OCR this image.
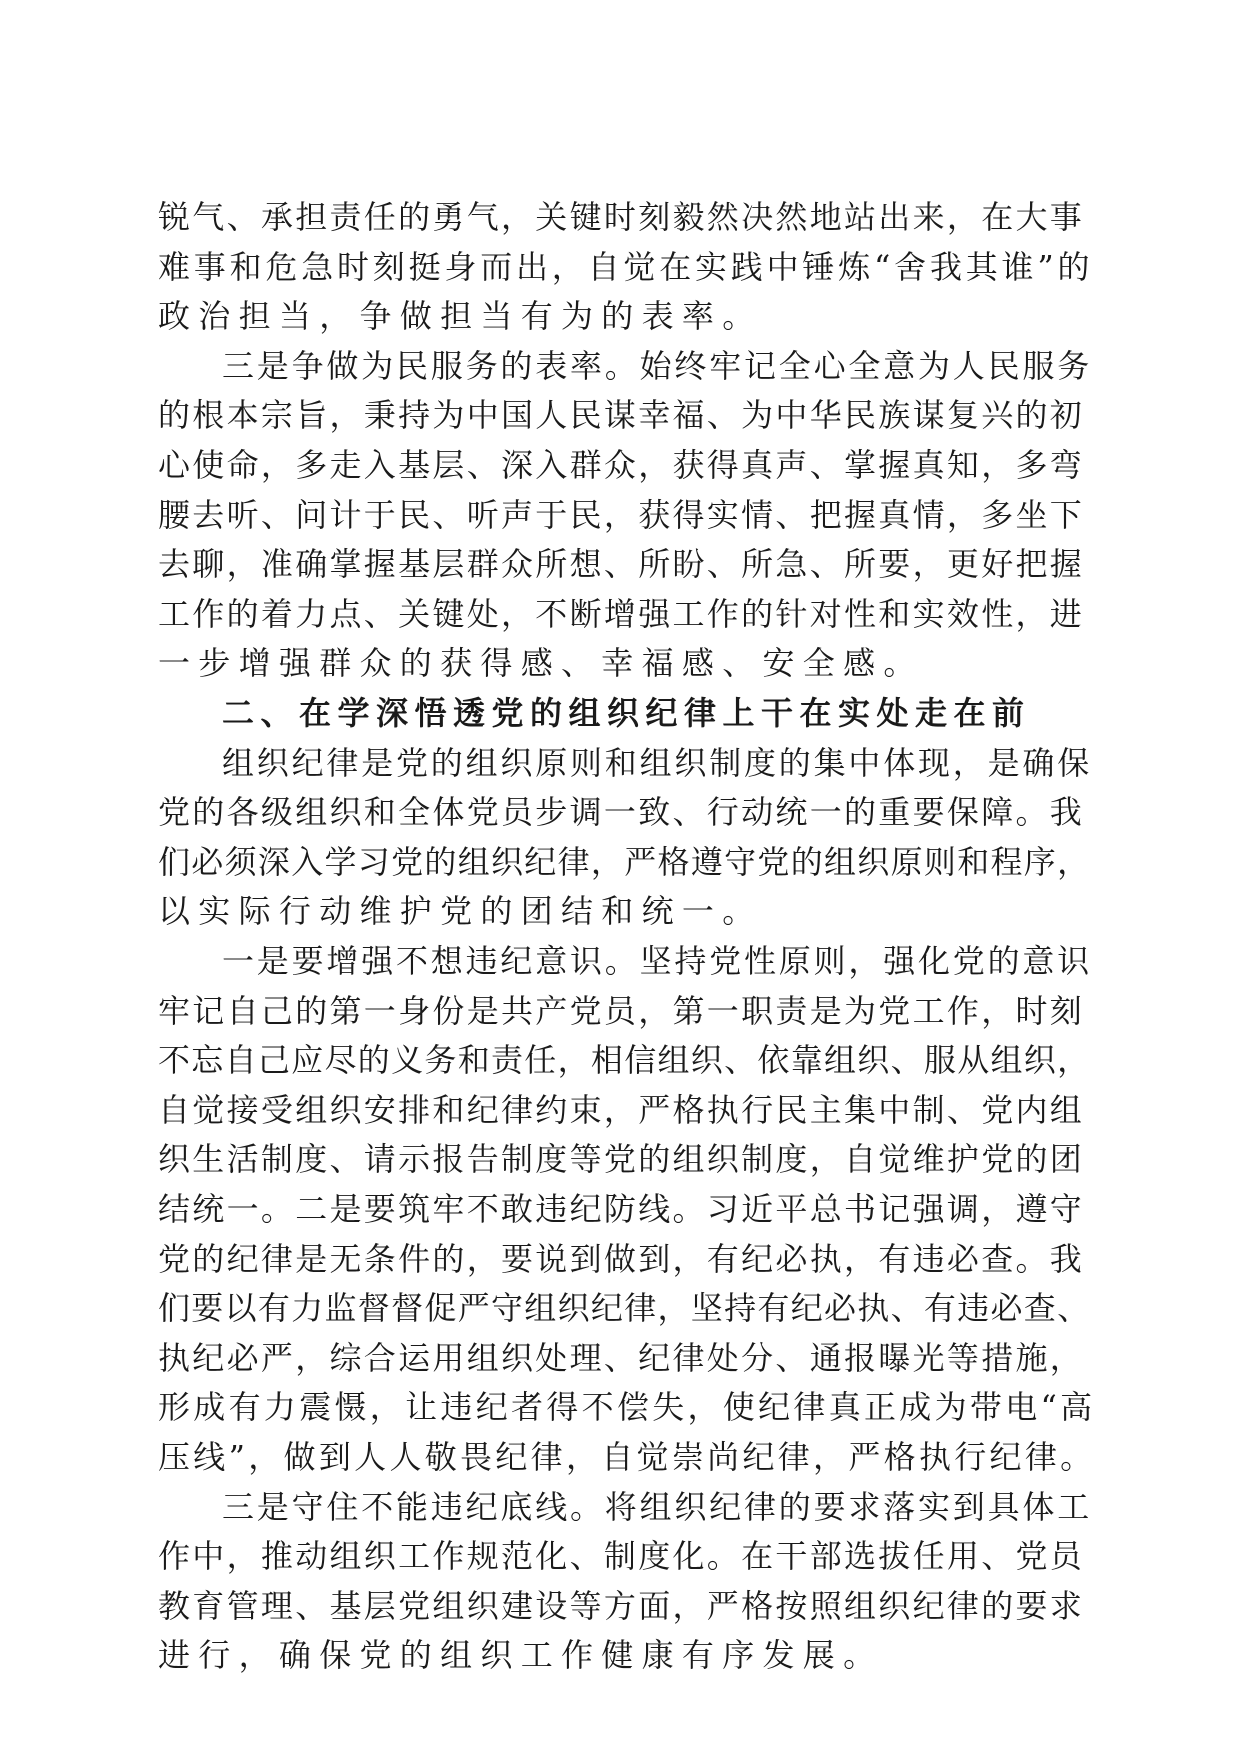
锐气、承担责任的勇气，关键时刻毅然决然地站出来，在大事
难事和危急时刻挺身而出，自觉在实践中锤炼“舍我其谁”的
政治担当，争做担当有为的表率。
三是争做为民服务的表率。始终牢记全心全意为人民服务
的根本宗旨，秉持为中国人民谋幸福、为中华民族谋复兴的初
心使命，多走入基层、深入群众，获得真声、掌握真知，多弯
腰去听、问计于民、听声于民，获得实情、把握真情，多坐下
去聊，准确掌握基层群众所想、所盼、所急、所要，更好把握
工作的着力点、关键处，不断增强工作的针对性和实效性，进
一步增强群众的获得感、幸福感、安全感。
二、在学深悟透党的组织纪律上干在实处走在前
组织纪律是党的组织原则和组织制度的集中体现，是确保
党的各级组织和全体党员步调一致、行动统一的重要保障。我
们必须深入学习党的组织纪律，严格遵守党的组织原则和程序，
以实际行动维护党的团结和统一。
一是要增强不想违纪意识。坚持党性原则，强化党的意识
牢记自己的第一身份是共产党员，第一职责是为党工作，时刻
不忘自己应尽的义务和责任，相信组织、依靠组织、服从组织，
自觉接受组织安排和纪律约束，严格执行民主集中制、党内组
织生活制度、请示报告制度等党的组织制度，自觉维护党的团
结统一。二是要筑牢不敢违纪防线。习近平总书记强调，遵守
党的纪律是无条件的，要说到做到，有纪必执，有违必查。我
们要以有力监督督促严守组织纪律，坚持有纪必执、有违必查、
执纪必严，综合运用组织处理、纪律处分、通报曝光等措施，
形成有力震慑，让违纪者得不偿失，使纪律真正成为带电“高
压线”，做到人人敬畏纪律，自觉崇尚纪律，严格执行纪律。
三是守住不能违纪底线。将组织纪律的要求落实到具体工
作中，推动组织工作规范化、制度化。在干部选拔任用、党员
教育管理、基层党组织建设等方面，严格按照组织纪律的要求
进行，确保党的组织工作健康有序发展。
